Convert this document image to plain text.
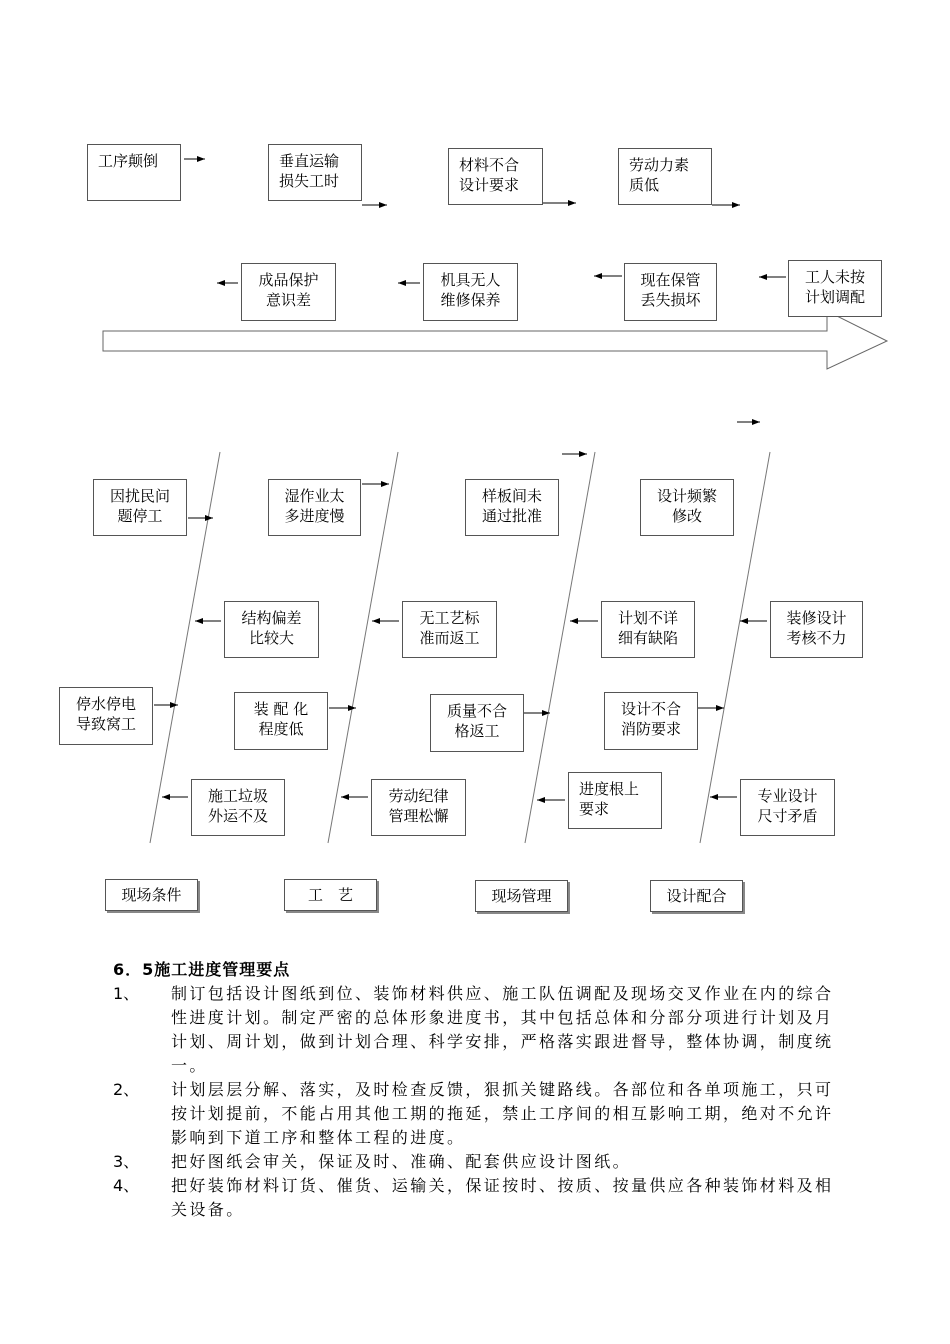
工序颠倒	垂直运输
损失工时
材料不合
设计要求
劳动力素
质低
成品保护
意识差
机具无人
维修保养
现在保管
丢失损坏
工人未按
计划调配
因扰民问
题停工
湿作业太
多进度慢
样板间未
通过批准
设计频繁
修改
结构偏差
比较大
无工艺标
准而返工
计划不详
细有缺陷
装修设计
考核不力
停水停电
导致窝工
装 配 化
程度低
质量不合
格返工
设计不合
消防要求
施工垃圾
外运不及
劳动纪律
管理松懈
进度根上
要求
专业设计
尺寸矛盾
现场条件	工　艺	现场管理	设计配合
6．5施工进度管理要点
1、	制订包括设计图纸到位、装饰材料供应、施工队伍调配及现场交叉作业在内的综合性进度计划。制定严密的总体形象进度书，其中包括总体和分部分项进行计划及月计划、周计划，做到计划合理、科学安排，严格落实跟进督导，整体协调，制度统一。
2、	计划层层分解、落实，及时检查反馈，狠抓关键路线。各部位和各单项施工，只可按计划提前，不能占用其他工期的拖延，禁止工序间的相互影响工期，绝对不允许影响到下道工序和整体工程的进度。
3、	把好图纸会审关，保证及时、准确、配套供应设计图纸。
4、	把好装饰材料订货、催货、运输关，保证按时、按质、按量供应各种装饰材料及相关设备。
